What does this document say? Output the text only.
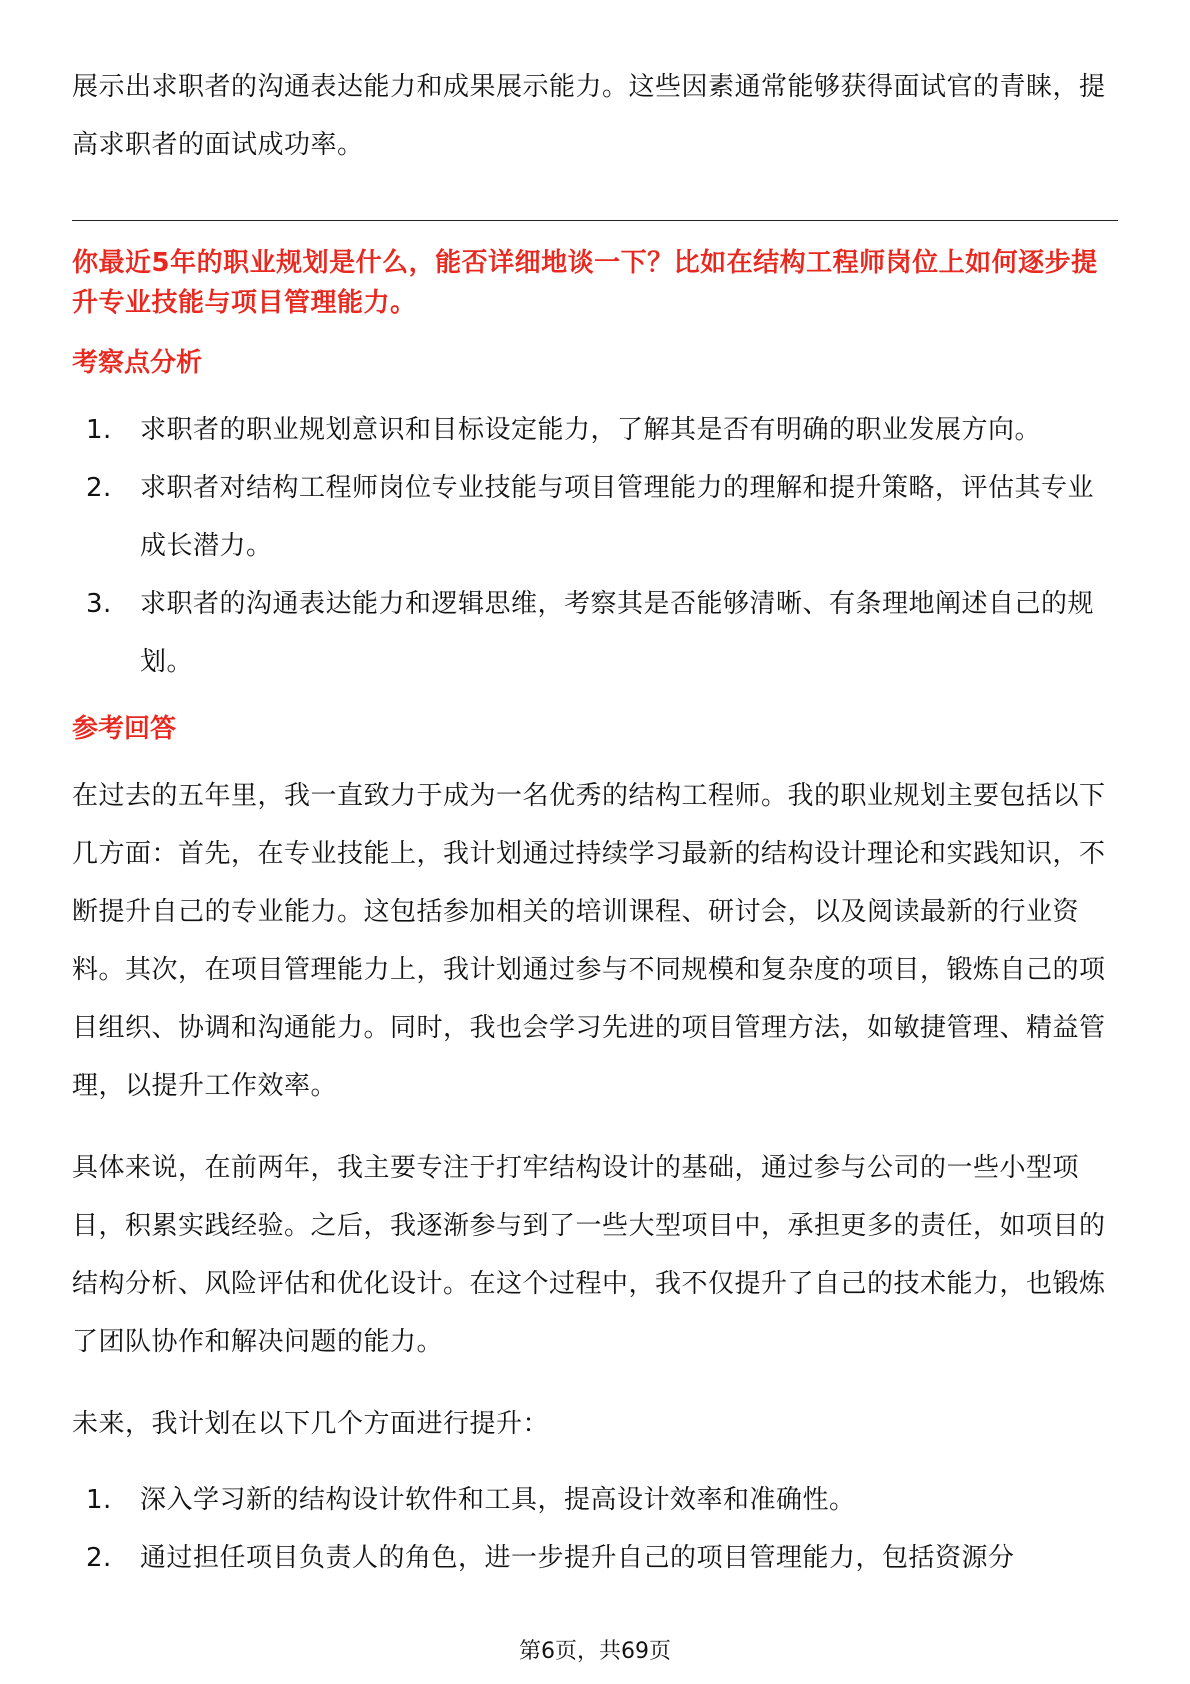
展示出求职者的沟通表达能力和成果展示能力。这些因素通常能够获得面试官的青睐，提高求职者的面试成功率。

你最近5年的职业规划是什么，能否详细地谈一下？比如在结构工程师岗位上如何逐步提升专业技能与项目管理能力。

考察点分析
1. 求职者的职业规划意识和目标设定能力，了解其是否有明确的职业发展方向。
2. 求职者对结构工程师岗位专业技能与项目管理能力的理解和提升策略，评估其专业成长潜力。
3. 求职者的沟通表达能力和逻辑思维，考察其是否能够清晰、有条理地阐述自己的规划。
参考回答

在过去的五年里，我一直致力于成为一名优秀的结构工程师。我的职业规划主要包括以下几方面：首先，在专业技能上，我计划通过持续学习最新的结构设计理论和实践知识，不断提升自己的专业能力。这包括参加相关的培训课程、研讨会，以及阅读最新的行业资料。其次，在项目管理能力上，我计划通过参与不同规模和复杂度的项目，锻炼自己的项目组织、协调和沟通能力。同时，我也会学习先进的项目管理方法，如敏捷管理、精益管理，以提升工作效率。

具体来说，在前两年，我主要专注于打牢结构设计的基础，通过参与公司的一些小型项目，积累实践经验。之后，我逐渐参与到了一些大型项目中，承担更多的责任，如项目的结构分析、风险评估和优化设计。在这个过程中，我不仅提升了自己的技术能力，也锻炼了团队协作和解决问题的能力。

未来，我计划在以下几个方面进行提升：

1. 深入学习新的结构设计软件和工具，提高设计效率和准确性。
2. 通过担任项目负责人的角色，进一步提升自己的项目管理能力，包括资源分
第6页，共69页
